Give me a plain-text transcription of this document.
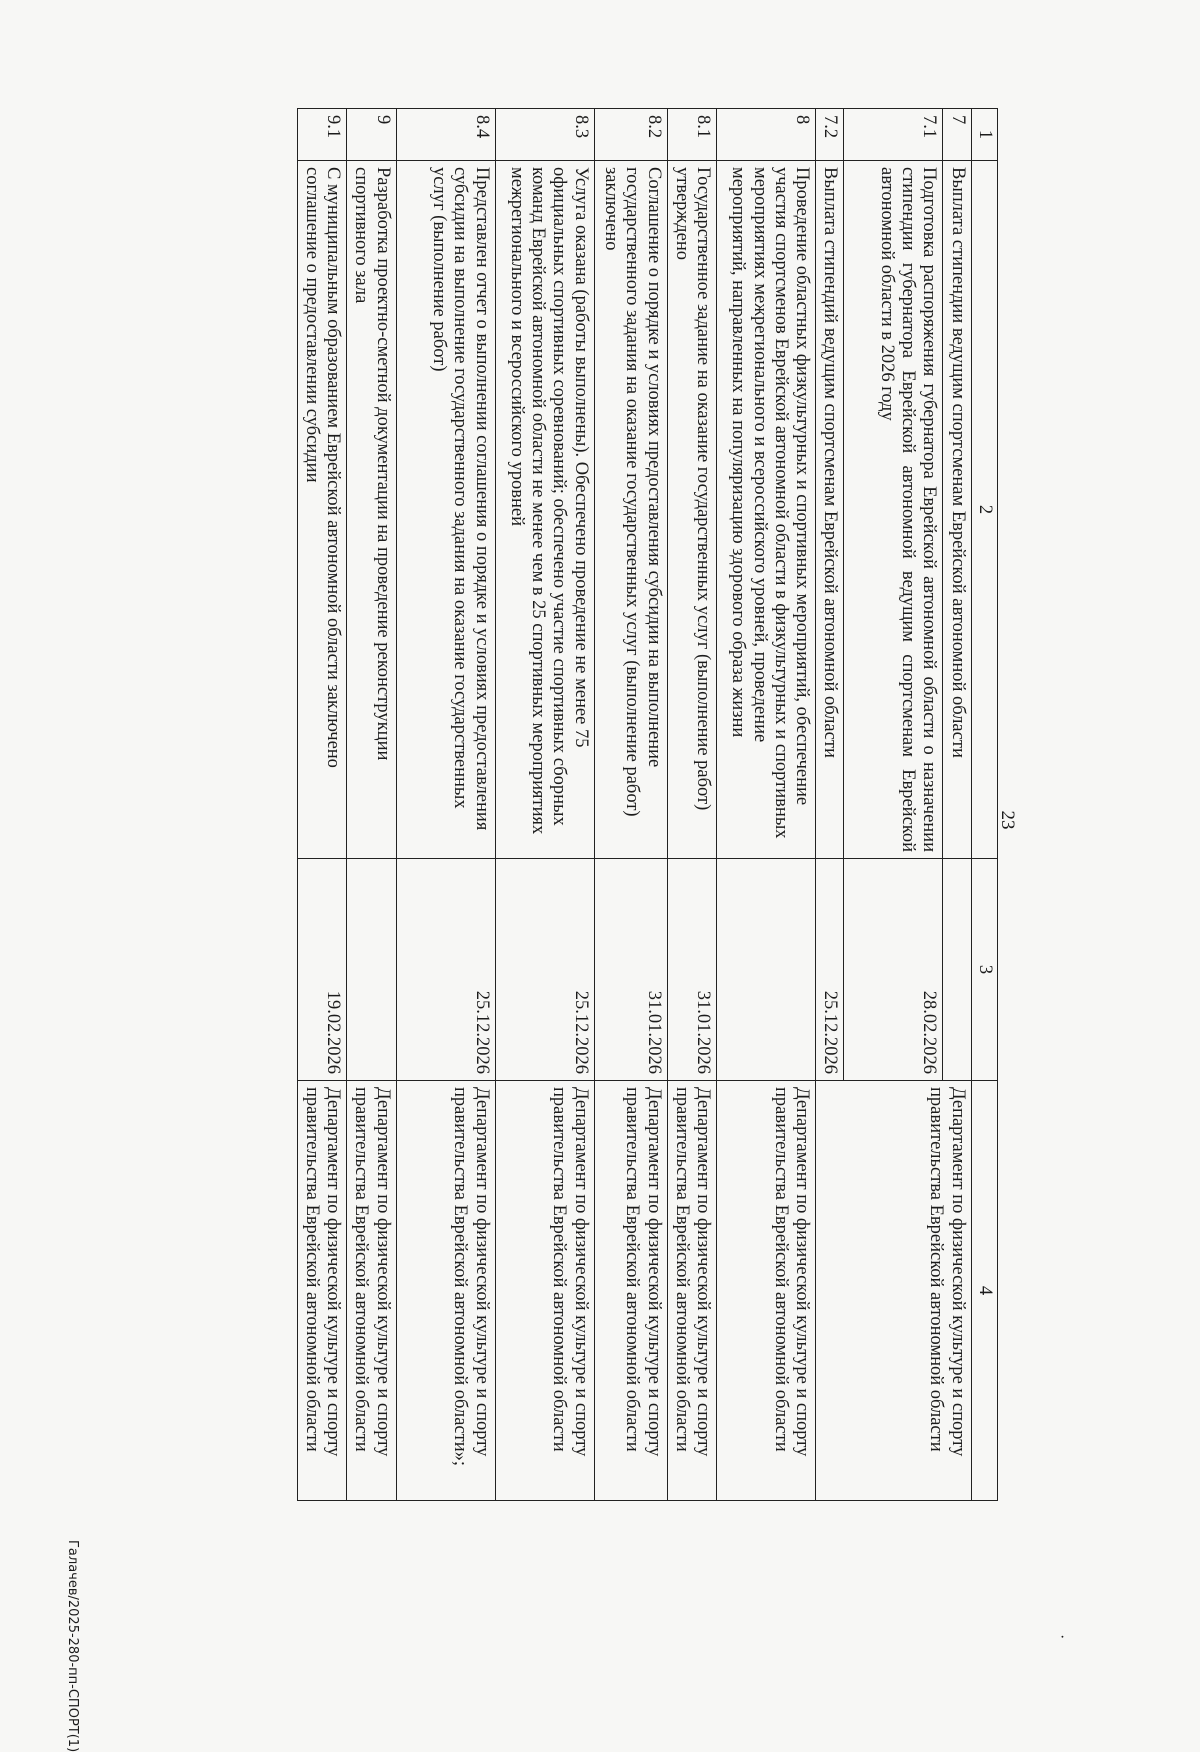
23
1	2	3	4
7	Выплата стипендии ведущим спортсменам Еврейской автономной области		Департамент по физической культуре и спорту правительства Еврейской автономной области
7.1	Подготовка распоряжения губернатора Еврейской автономной области о назначении стипендии губернатора Еврейской автономной ведущим спортсменам Еврейской автономной области в 2026 году	28.02.2026	
7.2	Выплата стипендий ведущим спортсменам Еврейской автономной области	25.12.2026	
8	Проведение областных физкультурных и спортивных мероприятий, обеспечение участия спортсменов Еврейской автономной области в физкультурных и спортивных мероприятиях межрегионального и всероссийского уровней, проведение мероприятий, направленных на популяризацию здорового образа жизни		Департамент по физической культуре и спорту правительства Еврейской автономной области
8.1	Государственное задание на оказание государственных услуг (выполнение работ) утверждено	31.01.2026	Департамент по физической культуре и спорту правительства Еврейской автономной области
8.2	Соглашение о порядке и условиях предоставления субсидии на выполнение государственного задания на оказание государственных услуг (выполнение работ) заключено	31.01.2026	Департамент по физической культуре и спорту правительства Еврейской автономной области
8.3	Услуга оказана (работы выполнены). Обеспечено проведение не менее 75 официальных спортивных соревнований; обеспечено участие спортивных сборных команд Еврейской автономной области не менее чем в 25 спортивных мероприятиях межрегионального и всероссийского уровней	25.12.2026	Департамент по физической культуре и спорту правительства Еврейской автономной области
8.4	Представлен отчет о выполнении соглашения о порядке и условиях предоставления субсидии на выполнение государственного задания на оказание государственных услуг (выполнение работ)	25.12.2026	Департамент по физической культуре и спорту правительства Еврейской автономной области»;
9	Разработка проектно-сметной документации на проведение реконструкции спортивного зала		Департамент по физической культуре и спорту правительства Еврейской автономной области
9.1	С муниципальным образованием Еврейской автономной области заключено соглашение о предоставлении субсидии	19.02.2026	Департамент по физической культуре и спорту правительства Еврейской автономной области
Галачев/2025-280-пп-СПОРТ(1)	·
